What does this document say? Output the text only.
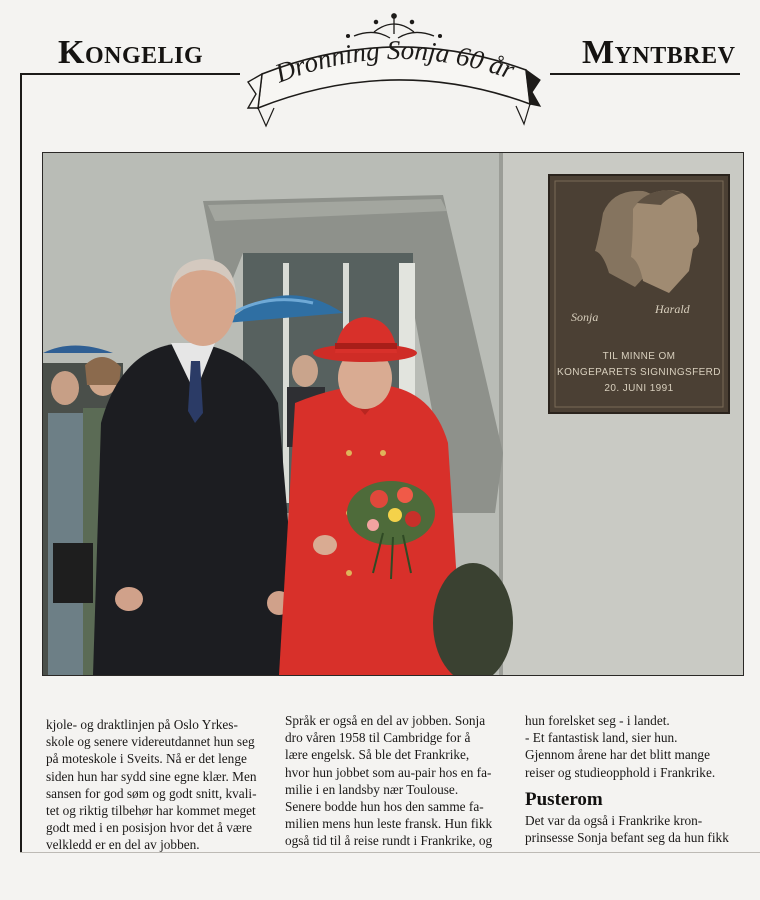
Kongelig	Myntbrev
Dronning Sonja 60 år
Sonja
Harald
TIL MINNE OM
KONGEPARETS SIGNINGSFERD
20. JUNI 1991
kjole- og draktlinjen på Oslo Yrkes-
skole og senere videreutdannet hun seg
på moteskole i Sveits. Nå er det lenge
siden hun har sydd sine egne klær. Men
sansen for god søm og godt snitt, kvali-
tet og riktig tilbehør har kommet meget
godt med i en posisjon hvor det å være
velkledd er en del av jobben.
Språk er også en del av jobben. Sonja
dro våren 1958 til Cambridge for å
lære engelsk. Så ble det Frankrike,
hvor hun jobbet som au-pair hos en fa-
milie i en landsby nær Toulouse.
Senere bodde hun hos den samme fa-
milien mens hun leste fransk. Hun fikk
også tid til å reise rundt i Frankrike, og
hun forelsket seg - i landet.
- Et fantastisk land, sier hun.
Gjennom årene har det blitt mange
reiser og studieopphold i Frankrike.
Pusterom
Det var da også i Frankrike kron-
prinsesse Sonja befant seg da hun fikk
